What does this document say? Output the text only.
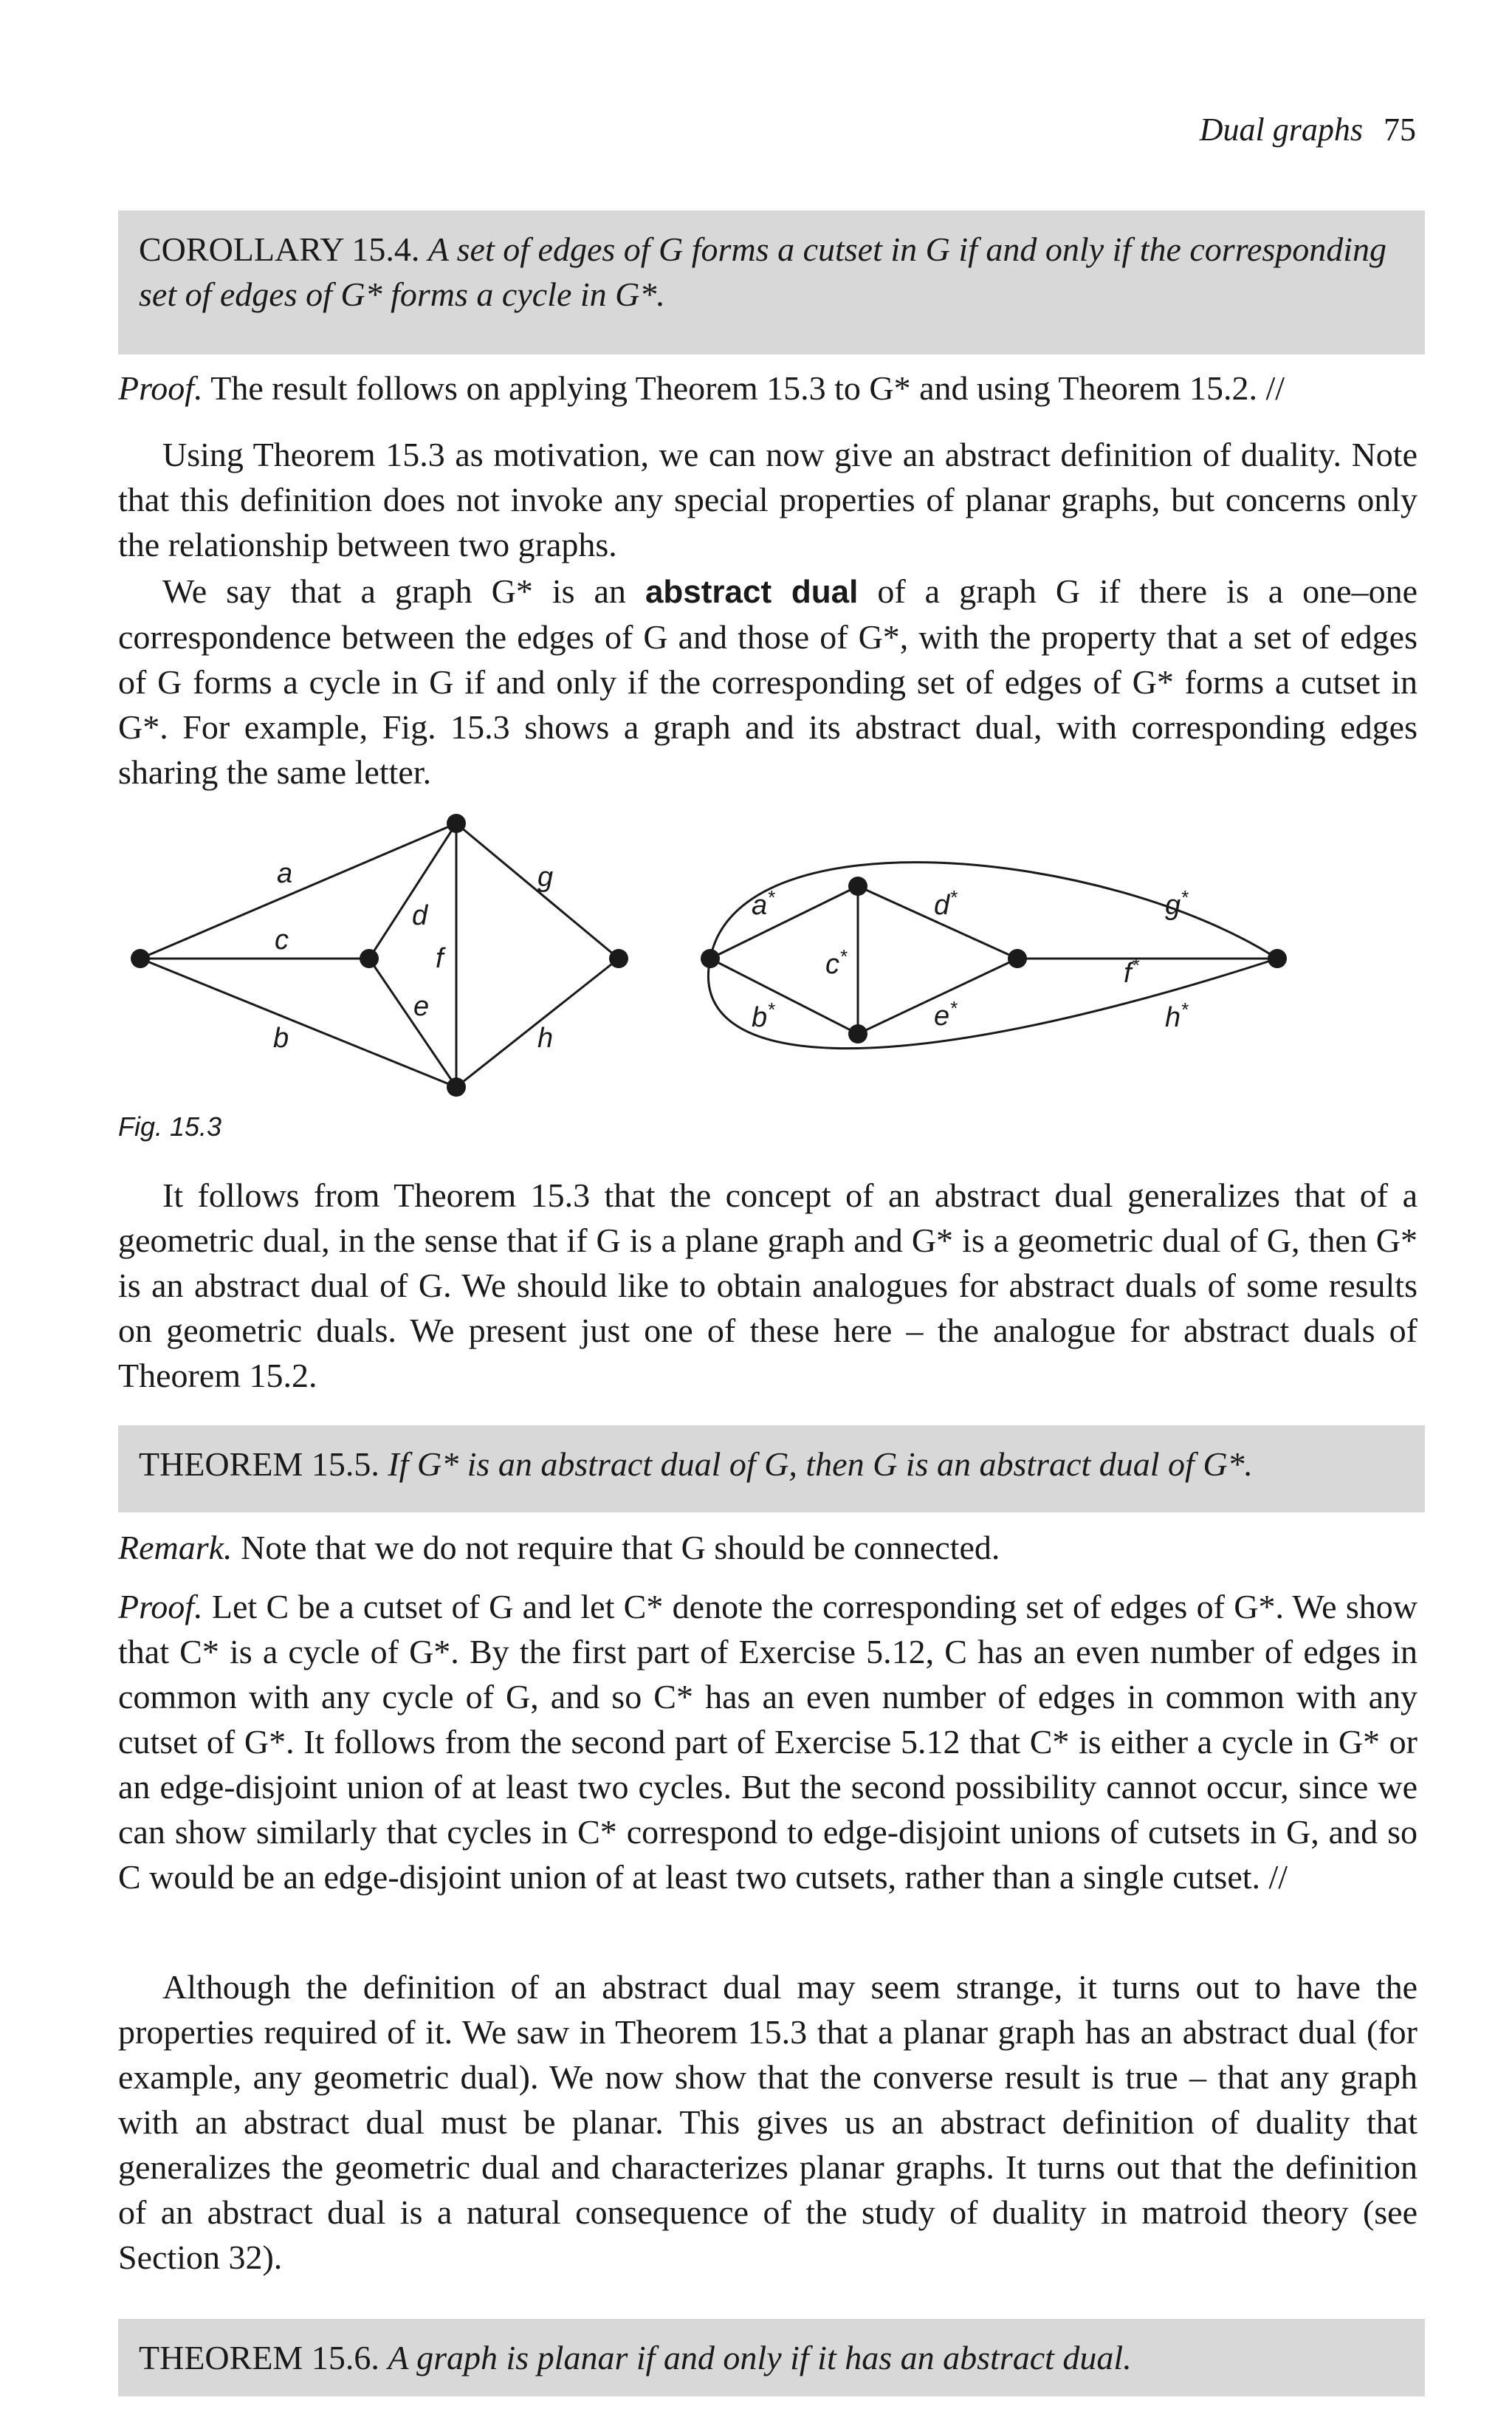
Dual graphs 75
COROLLARY 15.4. A set of edges of G forms a cutset in G if and only if the corresponding set of edges of G* forms a cycle in G*.

Proof. The result follows on applying Theorem 15.3 to G* and using Theorem 15.2. //

Using Theorem 15.3 as motivation, we can now give an abstract definition of duality. Note that this definition does not invoke any special properties of planar graphs, but concerns only the relationship between two graphs.

We say that a graph G* is an abstract dual of a graph G if there is a one–one correspondence between the edges of G and those of G*, with the property that a set of edges of G forms a cycle in G if and only if the corresponding set of edges of G* forms a cutset in G*. For example, Fig. 15.3 shows a graph and its abstract dual, with corresponding edges sharing the same letter.

a
c
b
d
f
e
g
h
a*
c*
b*
d*
e*
f*
g*
h*
Fig. 15.3

It follows from Theorem 15.3 that the concept of an abstract dual generalizes that of a geometric dual, in the sense that if G is a plane graph and G* is a geometric dual of G, then G* is an abstract dual of G. We should like to obtain analogues for abstract duals of some results on geometric duals. We present just one of these here – the analogue for abstract duals of Theorem 15.2.

THEOREM 15.5. If G* is an abstract dual of G, then G is an abstract dual of G*.

Remark. Note that we do not require that G should be connected.

Proof. Let C be a cutset of G and let C* denote the corresponding set of edges of G*. We show that C* is a cycle of G*. By the first part of Exercise 5.12, C has an even number of edges in common with any cycle of G, and so C* has an even number of edges in common with any cutset of G*. It follows from the second part of Exercise 5.12 that C* is either a cycle in G* or an edge-disjoint union of at least two cycles. But the second possibility cannot occur, since we can show similarly that cycles in C* correspond to edge-disjoint unions of cutsets in G, and so C would be an edge-disjoint union of at least two cutsets, rather than a single cutset. //

Although the definition of an abstract dual may seem strange, it turns out to have the properties required of it. We saw in Theorem 15.3 that a planar graph has an abstract dual (for example, any geometric dual). We now show that the converse result is true – that any graph with an abstract dual must be planar. This gives us an abstract definition of duality that generalizes the geometric dual and characterizes planar graphs. It turns out that the definition of an abstract dual is a natural consequence of the study of duality in matroid theory (see Section 32).

THEOREM 15.6. A graph is planar if and only if it has an abstract dual.
